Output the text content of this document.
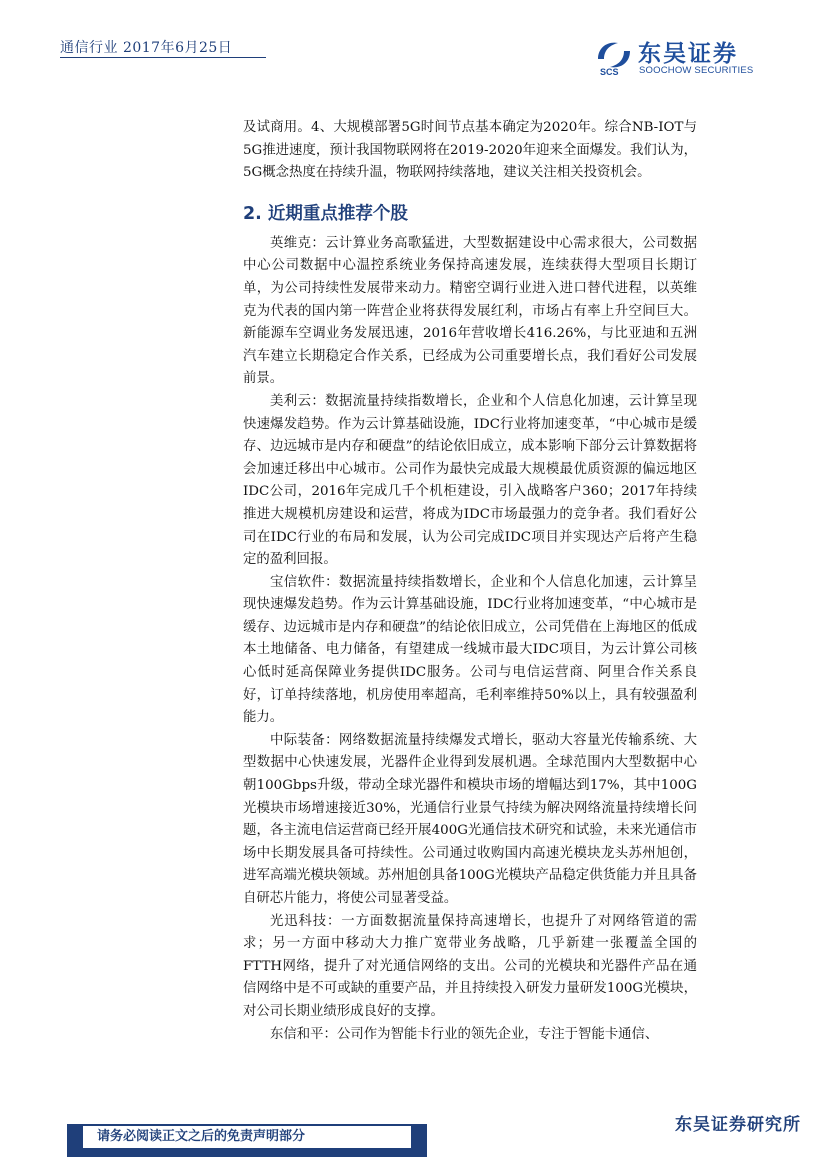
通信行业 2017年6月25日
SCS
东吴证券
SOOCHOW SECURITIES

及试商用。4、大规模部署5G时间节点基本确定为2020年。综合NB-IOT与5G推进速度，预计我国物联网将在2019-2020年迎来全面爆发。我们认为，5G概念热度在持续升温，物联网持续落地，建议关注相关投资机会。

2. 近期重点推荐个股

英维克：云计算业务高歌猛进，大型数据建设中心需求很大，公司数据中心公司数据中心温控系统业务保持高速发展，连续获得大型项目长期订单，为公司持续性发展带来动力。精密空调行业进入进口替代进程，以英维克为代表的国内第一阵营企业将获得发展红利，市场占有率上升空间巨大。新能源车空调业务发展迅速，2016年营收增长416.26%，与比亚迪和五洲汽车建立长期稳定合作关系，已经成为公司重要增长点，我们看好公司发展前景。

美利云：数据流量持续指数增长，企业和个人信息化加速，云计算呈现快速爆发趋势。作为云计算基础设施，IDC行业将加速变革，“中心城市是缓存、边远城市是内存和硬盘”的结论依旧成立，成本影响下部分云计算数据将会加速迁移出中心城市。公司作为最快完成最大规模最优质资源的偏远地区IDC公司，2016年完成几千个机柜建设，引入战略客户360；2017年持续推进大规模机房建设和运营，将成为IDC市场最强力的竞争者。我们看好公司在IDC行业的布局和发展，认为公司完成IDC项目并实现达产后将产生稳定的盈利回报。

宝信软件：数据流量持续指数增长，企业和个人信息化加速，云计算呈现快速爆发趋势。作为云计算基础设施，IDC行业将加速变革，“中心城市是缓存、边远城市是内存和硬盘”的结论依旧成立，公司凭借在上海地区的低成本土地储备、电力储备，有望建成一线城市最大IDC项目，为云计算公司核心低时延高保障业务提供IDC服务。公司与电信运营商、阿里合作关系良好，订单持续落地，机房使用率超高，毛利率维持50%以上，具有较强盈利能力。

中际装备：网络数据流量持续爆发式增长，驱动大容量光传输系统、大型数据中心快速发展，光器件企业得到发展机遇。全球范围内大型数据中心朝100Gbps升级，带动全球光器件和模块市场的增幅达到17%，其中100G光模块市场增速接近30%，光通信行业景气持续为解决网络流量持续增长问题，各主流电信运营商已经开展400G光通信技术研究和试验，未来光通信市场中长期发展具备可持续性。公司通过收购国内高速光模块龙头苏州旭创，进军高端光模块领域。苏州旭创具备100G光模块产品稳定供货能力并且具备自研芯片能力，将使公司显著受益。

光迅科技：一方面数据流量保持高速增长，也提升了对网络管道的需求；另一方面中移动大力推广宽带业务战略，几乎新建一张覆盖全国的FTTH网络，提升了对光通信网络的支出。公司的光模块和光器件产品在通信网络中是不可或缺的重要产品，并且持续投入研发力量研发100G光模块，对公司长期业绩形成良好的支撑。

东信和平：公司作为智能卡行业的领先企业，专注于智能卡通信、

请务必阅读正文之后的免责声明部分
东吴证券研究所
